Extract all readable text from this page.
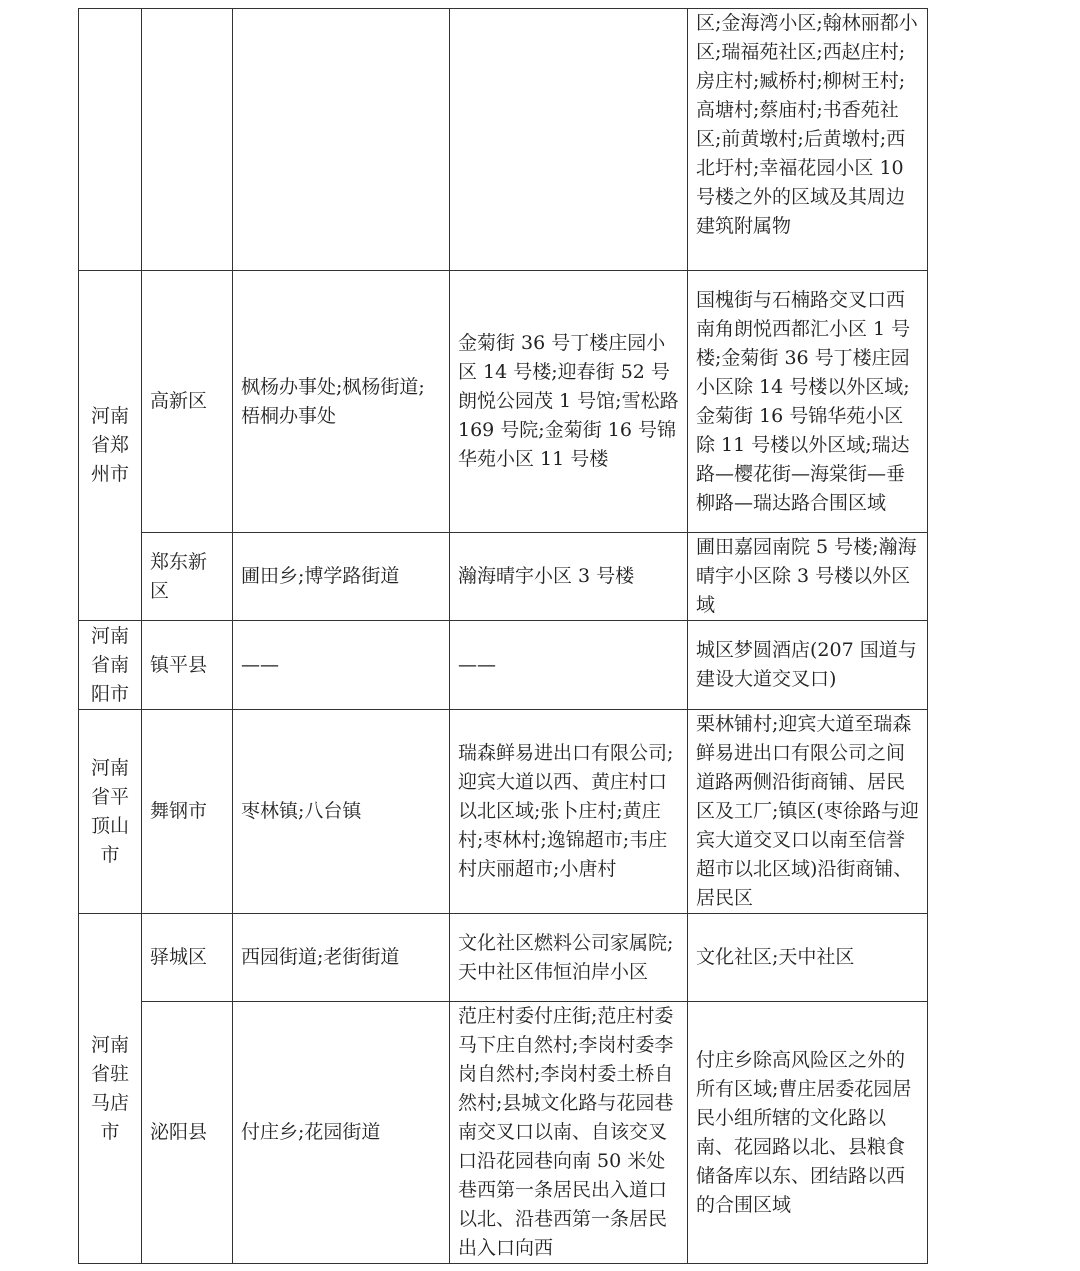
				区;金海湾小区;翰林丽都小区;瑞福苑社区;西赵庄村;房庄村;臧桥村;柳树王村;高塘村;蔡庙村;书香苑社区;前黄墩村;后黄墩村;西北圩村;幸福花园小区 10 号楼之外的区域及其周边建筑附属物
河南省郑州市	高新区	枫杨办事处;枫杨街道;梧桐办事处	金菊街 36 号丁楼庄园小区 14 号楼;迎春街 52 号朗悦公园茂 1 号馆;雪松路 169 号院;金菊街 16 号锦华苑小区 11 号楼	国槐街与石楠路交叉口西南角朗悦西都汇小区 1 号楼;金菊街 36 号丁楼庄园小区除 14 号楼以外区域;金菊街 16 号锦华苑小区除 11 号楼以外区域;瑞达路—樱花街—海棠街—垂柳路—瑞达路合围区域
	郑东新区	圃田乡;博学路街道	瀚海晴宇小区 3 号楼	圃田嘉园南院 5 号楼;瀚海晴宇小区除 3 号楼以外区域
河南省南阳市	镇平县	——	——	城区梦圆酒店(207 国道与建设大道交叉口)
河南省平顶山市	舞钢市	枣林镇;八台镇	瑞森鲜易进出口有限公司;迎宾大道以西、黄庄村口以北区域;张卜庄村;黄庄村;枣林村;逸锦超市;韦庄村庆丽超市;小唐村	栗林铺村;迎宾大道至瑞森鲜易进出口有限公司之间道路两侧沿街商铺、居民区及工厂;镇区(枣徐路与迎宾大道交叉口以南至信誉超市以北区域)沿街商铺、居民区
河南省驻马店市	驿城区	西园街道;老街街道	文化社区燃料公司家属院;天中社区伟恒泊岸小区	文化社区;天中社区
	泌阳县	付庄乡;花园街道	范庄村委付庄街;范庄村委马下庄自然村;李岗村委李岗自然村;李岗村委土桥自然村;县城文化路与花园巷南交叉口以南、自该交叉口沿花园巷向南 50 米处巷西第一条居民出入道口以北、沿巷西第一条居民出入口向西	付庄乡除高风险区之外的所有区域;曹庄居委花园居民小组所辖的文化路以南、花园路以北、县粮食储备库以东、团结路以西的合围区域
